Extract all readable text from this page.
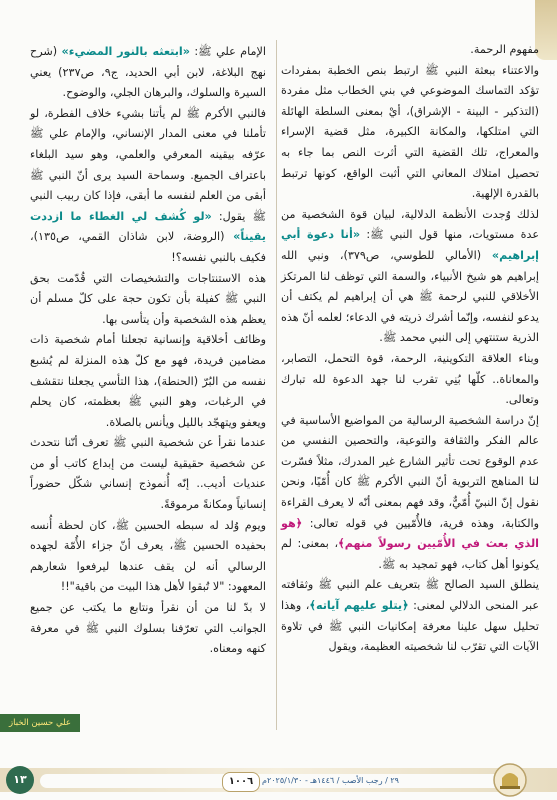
مفهوم الرحمة.

والاعتناء ببعثة النبي ﷺ ارتبط بنص الخطبة بمفردات تؤكد التماسك الموضوعي في بني الخطاب مثل مفردة (التذكير - البينة - الإشراق)، أيْ بمعنى السلطة الهائلة التي امتلكها، والمكانة الكبيرة، مثل قضية الإسراء والمعراج، تلك القضية التي أثرت النص بما جاء به تحصيل امتلاك المعاني التي أثبت الواقع، كونها ترتبط بالقدرة الإلهية.

لذلك وُجدت الأنظمة الدلالية، لبيان قوة الشخصية من عدة مستويات، منها قول النبي ﷺ: «أنا دعوة أبي إبراهيم» (الأمالي للطوسي، ص٣٧٩)، ونبي الله إبراهيم هو شيخ الأنبياء، والسمة التي توظف لنا المرتكز الأخلاقي للنبي لرحمة ﷺ هي أن إبراهيم لم يكتف أن يدعو لنفسه، وإنّما أشرك ذريته في الدعاء؛ لعلمه أنّ هذه الذرية ستنتهي إلى النبي محمد ﷺ.

وبناء العلاقة التكوينية، الرحمة، قوة التحمل، التصابر، والمعاناة.. كلّها بُنِي تقرب لنا جهد الدعوة لله تبارك وتعالى.

إنّ دراسة الشخصية الرسالية من المواضيع الأساسية في عالم الفكر والثقافة والتوعية، والتحصين النفسي من عدم الوقوع تحت تأثير الشارع غير المدرك، مثلاً فسّرت لنا المناهج التربوية أنّ النبي الأكرم ﷺ كان أُمّيًا، ونحن نقول إنّ النبيّ أُمّيٌّ، وقد فهم بمعنى أنّه لا يعرف القراءة والكتابة، وهذه فرية، فالأُمّيين في قوله تعالى: ﴿هو الذي بعث في الأُمّيين رسولاً منهم﴾، بمعنى: لم يكونوا أهل كتاب، فهو تمجيد به ﷺ.

ينطلق السيد الصالح ﷺ بتعريف علم النبي ﷺ وثقافته عبر المنحى الدلالي لمعنى: ﴿يتلو عليهم آياته﴾، وهذا تحليل سهل علينا معرفة إمكانيات النبي ﷺ في تلاوة الآيات التي تقرّب لنا شخصيته العظيمة، ويقول

الإمام علي ﷺ: «ابتعثه بالنور المضيء» (شرح نهج البلاغة، لابن أبي الحديد، ج٩، ص٢٣٧) يعني السيرة والسلوك، والبرهان الجلي، والوضوح.

فالنبي الأكرم ﷺ لم يأتنا بشيء خلاف الفطرة، لو تأملنا في معنى المدار الإنساني، والإمام علي ﷺ عرّفه بيقينه المعرفي والعلمي، وهو سيد البلغاء باعتراف الجميع. وسماحة السيد يرى أنّ النبي ﷺ أبقى من العلم لنفسه ما أبقى، فإذا كان ربيب النبي ﷺ يقول: «لو كُشف لي الغطاء ما ازددت يقيناً» (الروضة، لابن شاذان القمي، ص١٣٥)، فكيف بالنبي نفسه؟!

هذه الاستنتاجات والتشخيصات التي قُدّمت بحق النبي ﷺ كفيلة بأن تكون حجة على كلّ مسلم أن يعظم هذه الشخصية وأن يتأسى بها.

وظائف أخلاقية وإنسانية تجعلنا أمام شخصية ذات مضامين فريدة، فهو مع كلّ هذه المنزلة لم يُشبع نفسه من البُرّ (الحنطة)، هذا التأسي يجعلنا نتقشف في الرغبات، وهو النبي ﷺ بعظمته، كان يحلم ويعفو ويتهجّد بالليل ويأنس بالصلاة.

عندما نقرأ عن شخصية النبي ﷺ تعرف أنّنا نتحدث عن شخصية حقيقية ليست من إبداع كاتب أو من عنديات أديب.. إنّه أُنموذج إنساني شكّل حضوراً إنسانياً ومكانةً مرموقةً.

ويوم وُلد له سبطه الحسين ﷺ، كان لحظة أُنسه بحفيده الحسين ﷺ، يعرف أنّ جزاء الأُمّة لجهده الرسالي أنه لن يقف عندها ليرفعوا شعارهم المعهود: "لا تُبقوا لأهل هذا البيت من باقية"!!

لا بدّ لنا من أن نقرأ ونتابع ما يكتب عن جميع الجوانب التي تعرّفنا بسلوك النبي ﷺ في معرفة كنهه ومعناه.

علي حسين الخباز
١٣	١٠٠٦	٢٩ / رجب الأصب / ١٤٤٦هـ - ٢٠٢٥/١/٣٠م
